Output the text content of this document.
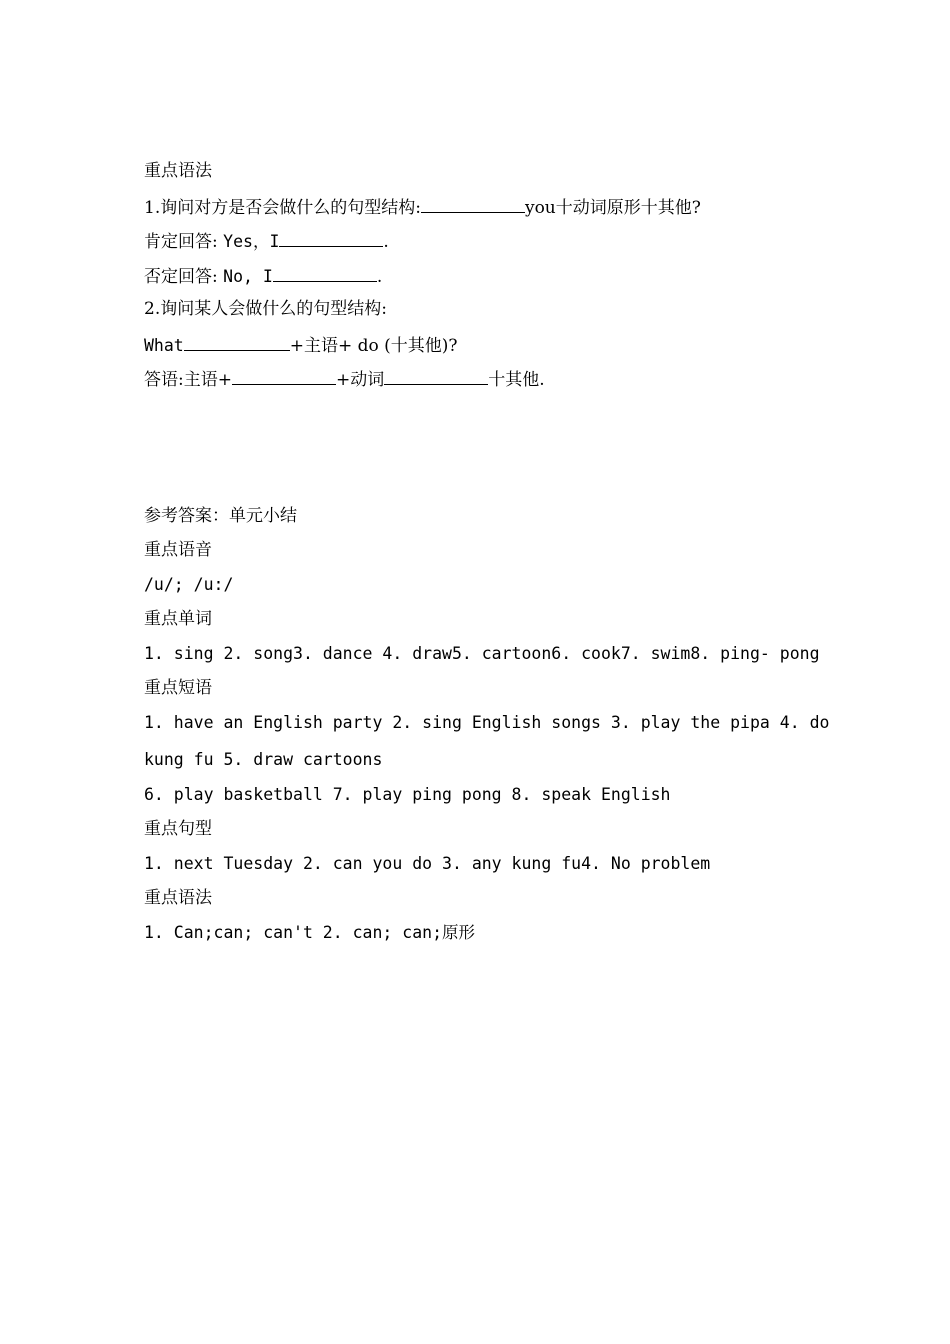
重点语法
1.询问对方是否会做什么的句型结构:	you十动词原形十其他?
肯定回答: Yes，I	.
否定回答: No, I	.
2.询问某人会做什么的句型结构:
What	+主语+ do (十其他)?
答语:主语+	+动词	十其他.
参考答案：单元小结
重点语音
/u/; /u:/
重点单词
1. sing 2. song3. dance 4. draw5. cartoon6. cook7. swim8. ping- pong
重点短语
1. have an English party 2. sing English songs 3. play the pipa 4. do
kung fu 5. draw cartoons
6. play basketball 7. play ping pong 8. speak English
重点句型
1. next Tuesday 2. can you do 3. any kung fu4. No problem
重点语法
1. Can;can; can't 2. can; can;原形
